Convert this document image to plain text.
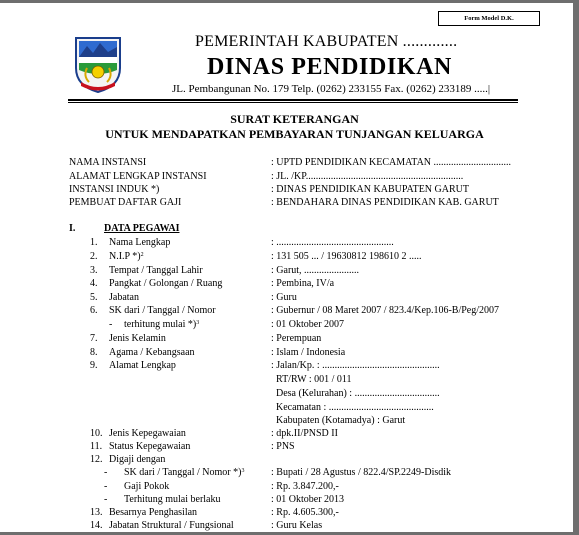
Form Model D.K.
PEMERINTAH KABUPATEN .............
DINAS PENDIDIKAN
JL. Pembangunan No. 179 Telp. (0262) 233155 Fax. (0262) 233189 .....|
SURAT KETERANGAN
UNTUK MENDAPATKAN PEMBAYARAN TUNJANGAN KELUARGA
NAMA INSTANSI	: UPTD PENDIDIKAN KECAMATAN ...............................
ALAMAT LENGKAP INSTANSI	: JL. /KP...............................................................
INSTANSI INDUK *)	: DINAS PENDIDIKAN KABUPATEN GARUT
PEMBUAT DAFTAR GAJI	: BENDAHARA DINAS PENDIDIKAN KAB. GARUT
I.	DATA PEGAWAI
1. Nama Lengkap	: ...............................................
2. N.I.P *)$^2$	: 131 505 ... / 19630812 198610 2 .....
3. Tempat / Tanggal Lahir	: Garut, ......................
4. Pangkat / Golongan / Ruang	: Pembina, IV/a
5. Jabatan	: Guru
6. SK dari / Tanggal / Nomor	: Gubernur / 08 Maret 2007 / 823.4/Kep.106-B/Peg/2007
- terhitung mulai *)$^3$	: 01 Oktober 2007
7. Jenis Kelamin	: Perempuan
8. Agama / Kebangsaan	: Islam / Indonesia
9. Alamat Lengkap	: Jalan/Kp. : ...............................................
RT/RW : 001 / 011
Desa (Kelurahan) : ..................................
Kecamatan : ..........................................
Kabupaten (Kotamadya) : Garut
10. Jenis Kepegawaian	: dpk.II/PNSD II
11. Status Kepegawaian	: PNS
12. Digaji dengan
- SK dari / Tanggal / Nomor *)$^3$	: Bupati / 28 Agustus / 822.4/SP.2249-Disdik
- Gaji Pokok	: Rp. 3.847.200,-
- Terhitung mulai berlaku	: 01 Oktober 2013
13. Besarnya Penghasilan	: Rp. 4.605.300,-
14. Jabatan Struktural / Fungsional	: Guru Kelas
